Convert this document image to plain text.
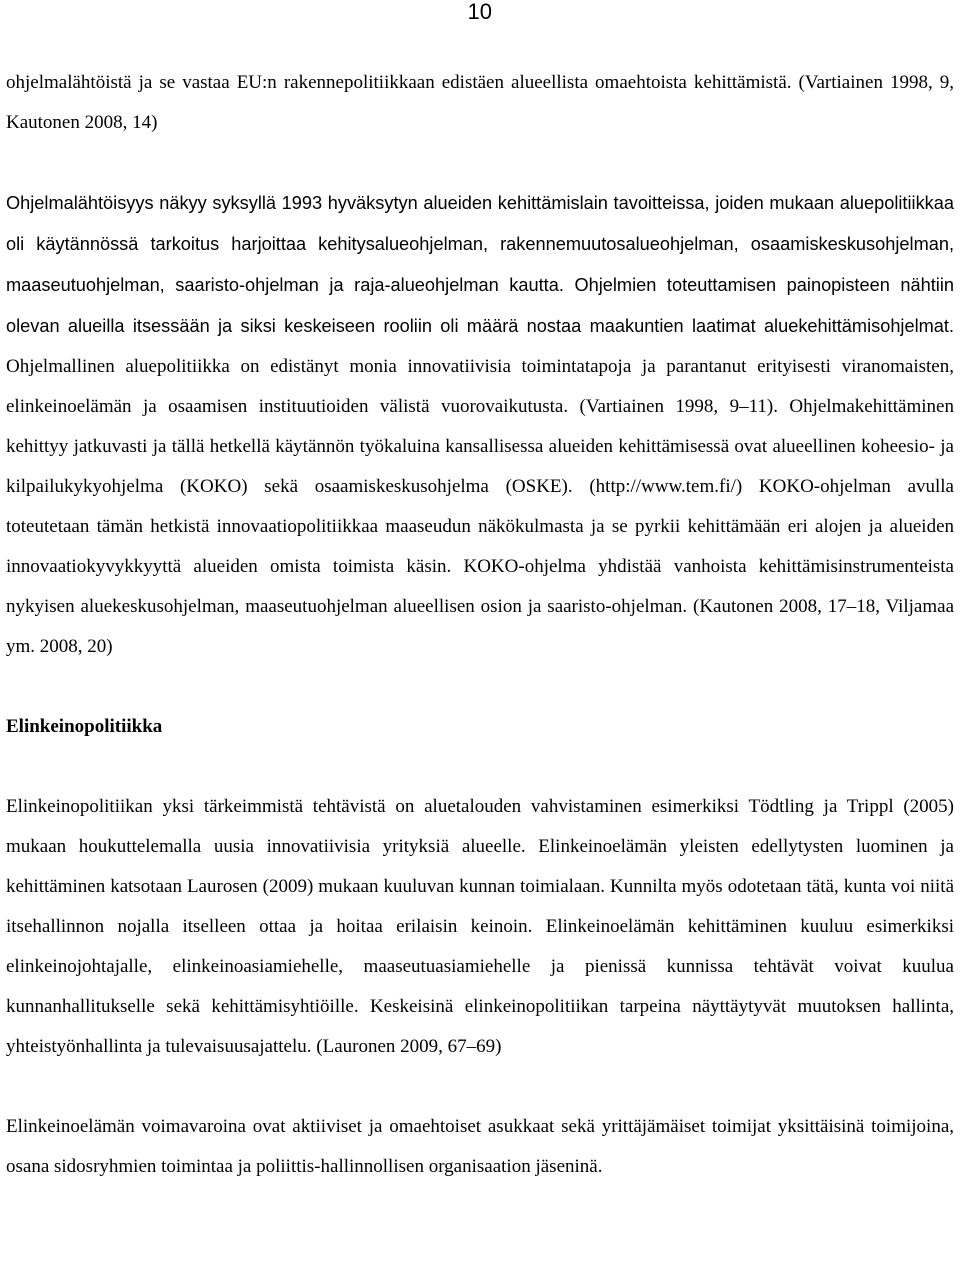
10

ohjelmalähtöistä ja se vastaa EU:n rakennepolitiikkaan edistäen alueellista omaehtoista kehittämistä. (Vartiainen 1998, 9, Kautonen 2008, 14)

Ohjelmalähtöisyys näkyy syksyllä 1993 hyväksytyn alueiden kehittämislain tavoitteissa, joiden mukaan aluepolitiikkaa oli käytännössä tarkoitus harjoittaa kehitysalueohjelman, rakennemuutosalueohjelman, osaamiskeskusohjelman, maaseutuohjelman, saaristo-ohjelman ja raja-alueohjelman kautta. Ohjelmien toteuttamisen painopisteen nähtiin olevan alueilla itsessään ja siksi keskeiseen rooliin oli määrä nostaa maakuntien laatimat aluekehittämisohjelmat. Ohjelmallinen aluepolitiikka on edistänyt monia innovatiivisia toimintatapoja ja parantanut erityisesti viranomaisten, elinkeinoelämän ja osaamisen instituutioiden välistä vuorovaikutusta. (Vartiainen 1998, 9–11). Ohjelmakehittäminen kehittyy jatkuvasti ja tällä hetkellä käytännön työkaluina kansallisessa alueiden kehittämisessä ovat alueellinen koheesio- ja kilpailukykyohjelma (KOKO) sekä osaamiskeskusohjelma (OSKE). (http://www.tem.fi/) KOKO-ohjelman avulla toteutetaan tämän hetkistä innovaatiopolitiikkaa maaseudun näkökulmasta ja se pyrkii kehittämään eri alojen ja alueiden innovaatiokyvykkyyttä alueiden omista toimista käsin. KOKO-ohjelma yhdistää vanhoista kehittämisinstrumenteista nykyisen aluekeskusohjelman, maaseutuohjelman alueellisen osion ja saaristo-ohjelman. (Kautonen 2008, 17–18, Viljamaa ym. 2008, 20)

Elinkeinopolitiikka

Elinkeinopolitiikan yksi tärkeimmistä tehtävistä on aluetalouden vahvistaminen esimerkiksi Tödtling ja Trippl (2005) mukaan houkuttelemalla uusia innovatiivisia yrityksiä alueelle. Elinkeinoelämän yleisten edellytysten luominen ja kehittäminen katsotaan Laurosen (2009) mukaan kuuluvan kunnan toimialaan. Kunnilta myös odotetaan tätä, kunta voi niitä itsehallinnon nojalla itselleen ottaa ja hoitaa erilaisin keinoin. Elinkeinoelämän kehittäminen kuuluu esimerkiksi elinkeinojohtajalle, elinkeinoasiamiehelle, maaseutuasiamiehelle ja pienissä kunnissa tehtävät voivat kuulua kunnanhallitukselle sekä kehittämisyhtiöille. Keskeisinä elinkeinopolitiikan tarpeina näyttäytyvät muutoksen hallinta, yhteistyönhallinta ja tulevaisuusajattelu. (Lauronen 2009, 67–69)

Elinkeinoelämän voimavaroina ovat aktiiviset ja omaehtoiset asukkaat sekä yrittäjämäiset toimijat yksittäisinä toimijoina, osana sidosryhmien toimintaa ja poliittis-hallinnollisen organisaation jäseninä.
